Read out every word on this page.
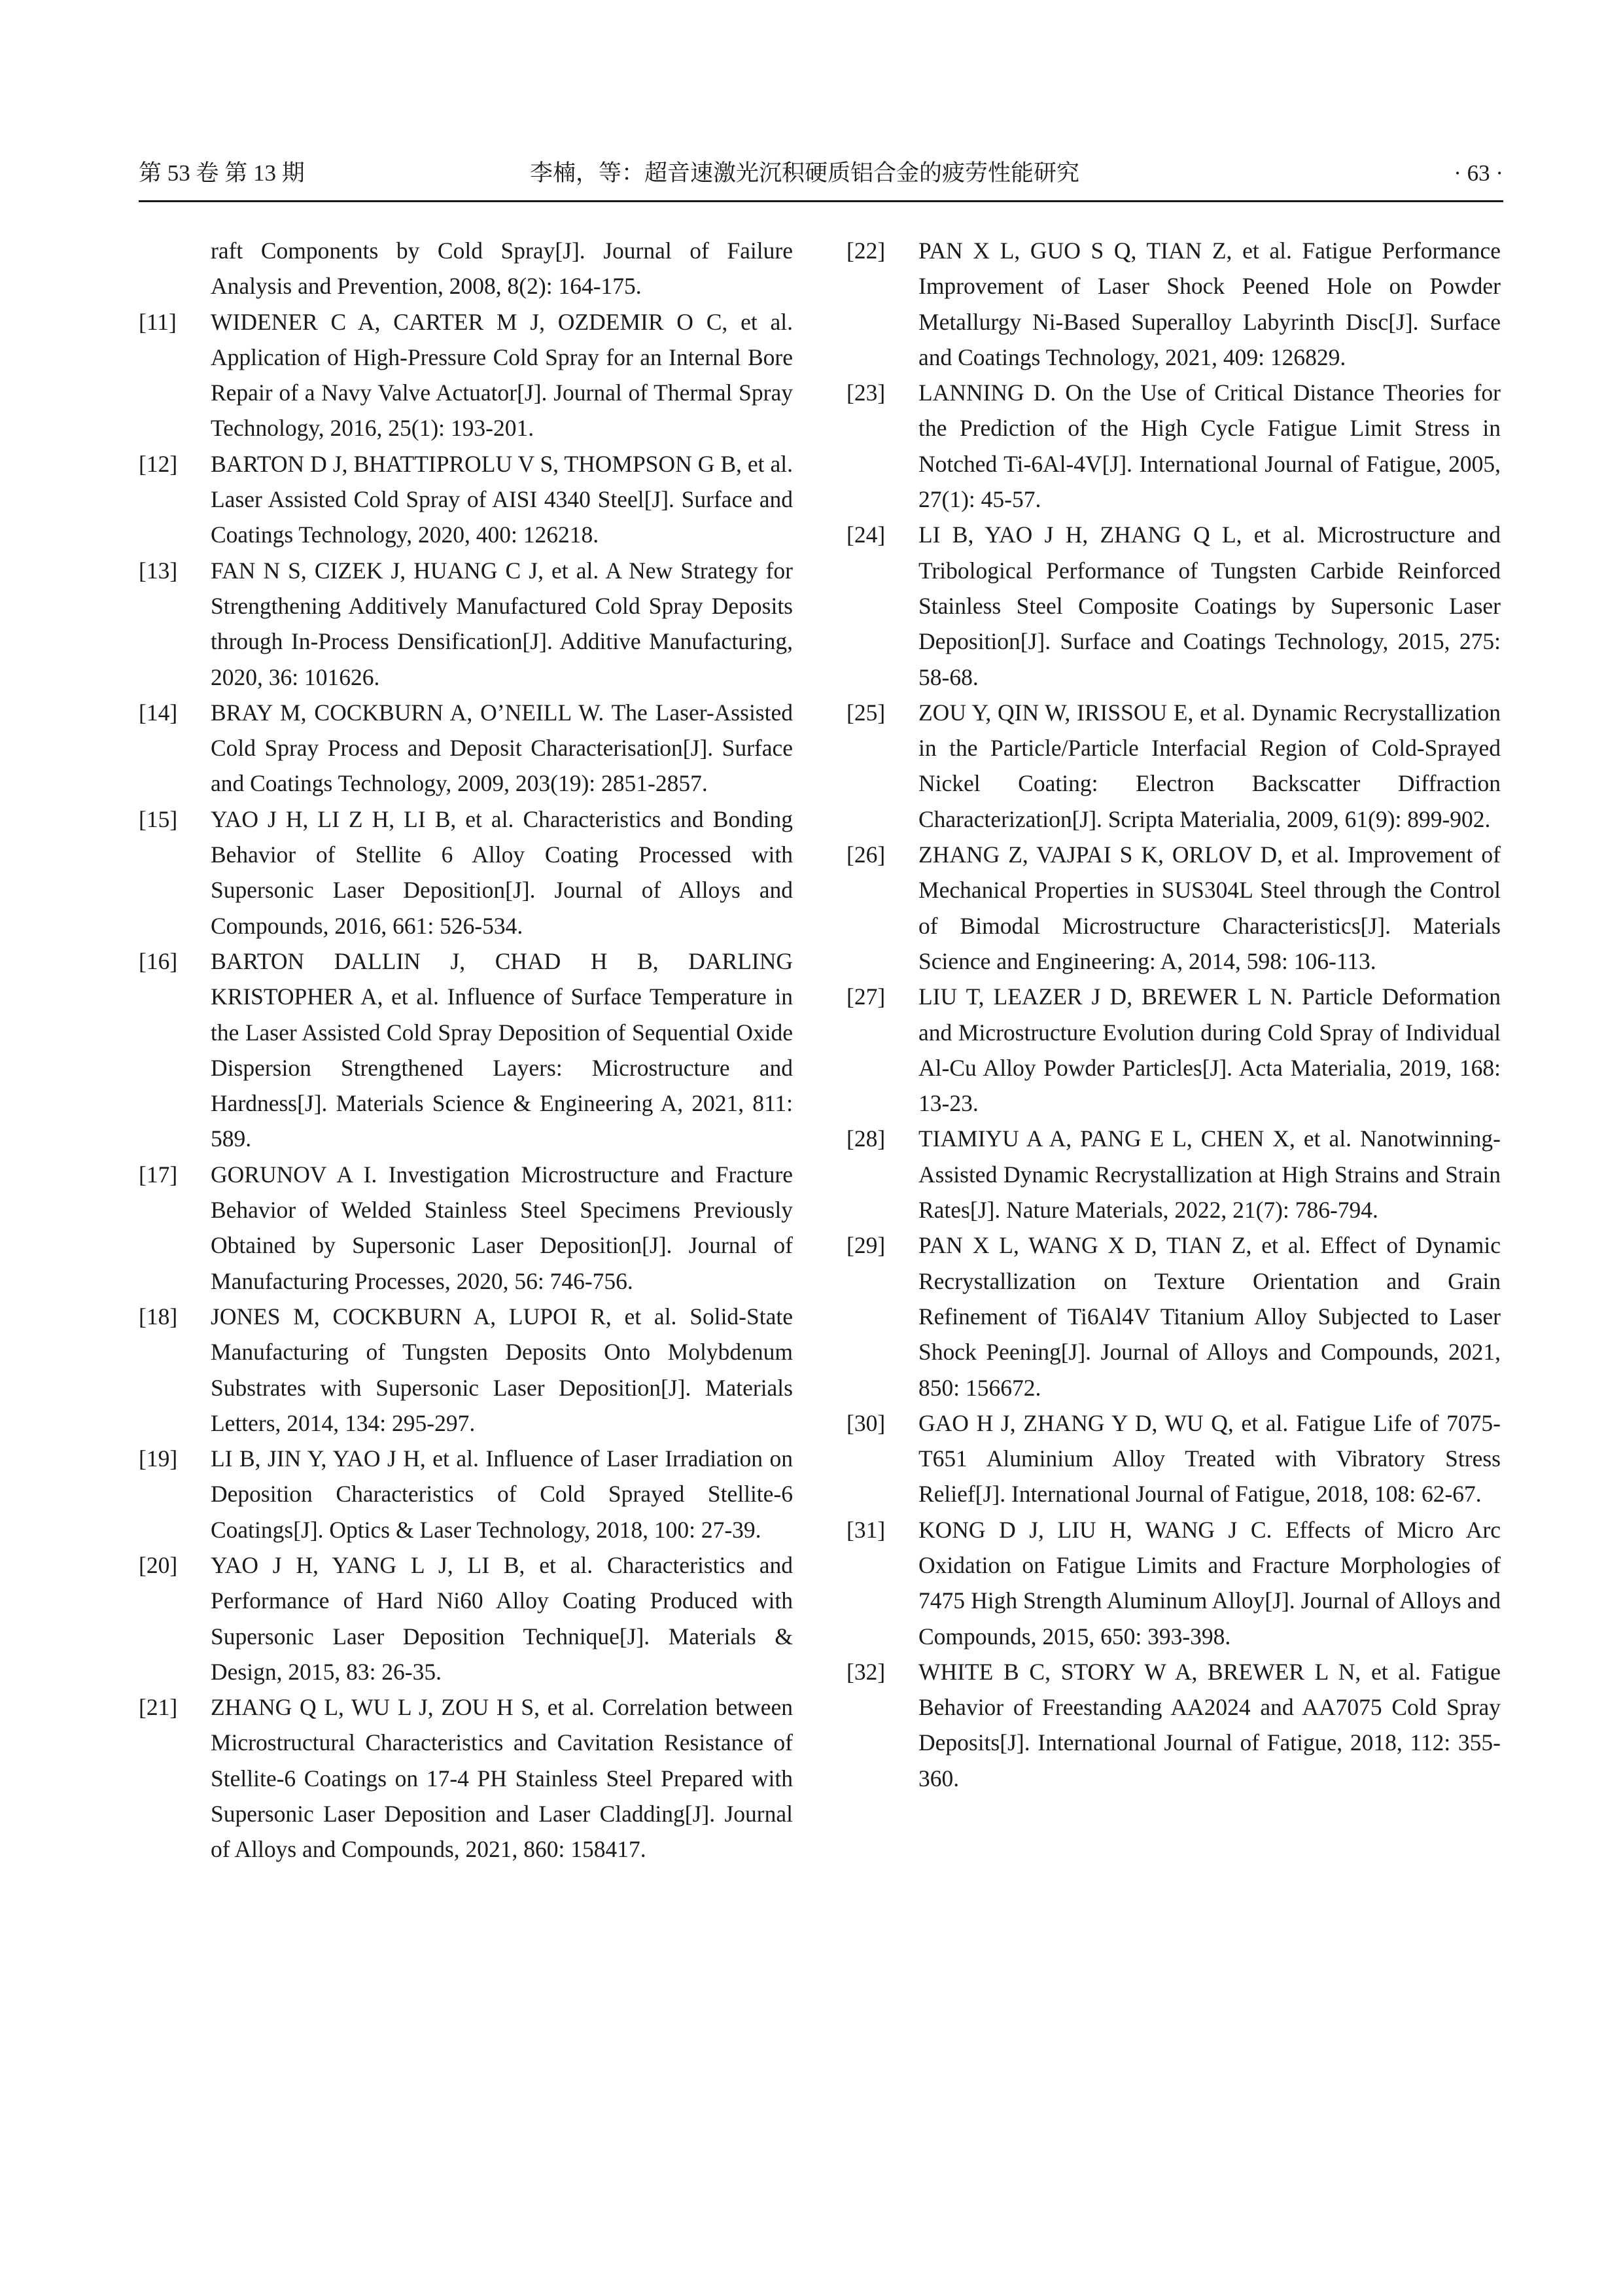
第 53 卷 第 13 期	李楠，等：超音速激光沉积硬质铝合金的疲劳性能研究	· 63 ·
raft Components by Cold Spray[J]. Journal of Failure Analysis and Prevention, 2008, 8(2): 164-175.
[11] WIDENER C A, CARTER M J, OZDEMIR O C, et al. Application of High-Pressure Cold Spray for an Internal Bore Repair of a Navy Valve Actuator[J]. Journal of Thermal Spray Technology, 2016, 25(1): 193-201.
[12] BARTON D J, BHATTIPROLU V S, THOMPSON G B, et al. Laser Assisted Cold Spray of AISI 4340 Steel[J]. Surface and Coatings Technology, 2020, 400: 126218.
[13] FAN N S, CIZEK J, HUANG C J, et al. A New Strategy for Strengthening Additively Manufactured Cold Spray Deposits through In-Process Densification[J]. Additive Manufacturing, 2020, 36: 101626.
[14] BRAY M, COCKBURN A, O’NEILL W. The Laser-Assisted Cold Spray Process and Deposit Characterisation[J]. Surface and Coatings Technology, 2009, 203(19): 2851-2857.
[15] YAO J H, LI Z H, LI B, et al. Characteristics and Bonding Behavior of Stellite 6 Alloy Coating Processed with Supersonic Laser Deposition[J]. Journal of Alloys and Compounds, 2016, 661: 526-534.
[16] BARTON DALLIN J, CHAD H B, DARLING KRISTOPHER A, et al. Influence of Surface Temperature in the Laser Assisted Cold Spray Deposition of Sequential Oxide Dispersion Strengthened Layers: Microstructure and Hardness[J]. Materials Science & Engineering A, 2021, 811: 589.
[17] GORUNOV A I. Investigation Microstructure and Fracture Behavior of Welded Stainless Steel Specimens Previously Obtained by Supersonic Laser Deposition[J]. Journal of Manufacturing Processes, 2020, 56: 746-756.
[18] JONES M, COCKBURN A, LUPOI R, et al. Solid-State Manufacturing of Tungsten Deposits Onto Molybdenum Substrates with Supersonic Laser Deposition[J]. Materials Letters, 2014, 134: 295-297.
[19] LI B, JIN Y, YAO J H, et al. Influence of Laser Irradiation on Deposition Characteristics of Cold Sprayed Stellite-6 Coatings[J]. Optics & Laser Technology, 2018, 100: 27-39.
[20] YAO J H, YANG L J, LI B, et al. Characteristics and Performance of Hard Ni60 Alloy Coating Produced with Supersonic Laser Deposition Technique[J]. Materials & Design, 2015, 83: 26-35.
[21] ZHANG Q L, WU L J, ZOU H S, et al. Correlation between Microstructural Characteristics and Cavitation Resistance of Stellite-6 Coatings on 17-4 PH Stainless Steel Prepared with Supersonic Laser Deposition and Laser Cladding[J]. Journal of Alloys and Compounds, 2021, 860: 158417.
[22] PAN X L, GUO S Q, TIAN Z, et al. Fatigue Performance Improvement of Laser Shock Peened Hole on Powder Metallurgy Ni-Based Superalloy Labyrinth Disc[J]. Surface and Coatings Technology, 2021, 409: 126829.
[23] LANNING D. On the Use of Critical Distance Theories for the Prediction of the High Cycle Fatigue Limit Stress in Notched Ti-6Al-4V[J]. International Journal of Fatigue, 2005, 27(1): 45-57.
[24] LI B, YAO J H, ZHANG Q L, et al. Microstructure and Tribological Performance of Tungsten Carbide Reinforced Stainless Steel Composite Coatings by Supersonic Laser Deposition[J]. Surface and Coatings Technology, 2015, 275: 58-68.
[25] ZOU Y, QIN W, IRISSOU E, et al. Dynamic Recrystallization in the Particle/Particle Interfacial Region of Cold-Sprayed Nickel Coating: Electron Backscatter Diffraction Characterization[J]. Scripta Materialia, 2009, 61(9): 899-902.
[26] ZHANG Z, VAJPAI S K, ORLOV D, et al. Improvement of Mechanical Properties in SUS304L Steel through the Control of Bimodal Microstructure Characteristics[J]. Materials Science and Engineering: A, 2014, 598: 106-113.
[27] LIU T, LEAZER J D, BREWER L N. Particle Deformation and Microstructure Evolution during Cold Spray of Individual Al-Cu Alloy Powder Particles[J]. Acta Materialia, 2019, 168: 13-23.
[28] TIAMIYU A A, PANG E L, CHEN X, et al. Nanotwinning-Assisted Dynamic Recrystallization at High Strains and Strain Rates[J]. Nature Materials, 2022, 21(7): 786-794.
[29] PAN X L, WANG X D, TIAN Z, et al. Effect of Dynamic Recrystallization on Texture Orientation and Grain Refinement of Ti6Al4V Titanium Alloy Subjected to Laser Shock Peening[J]. Journal of Alloys and Compounds, 2021, 850: 156672.
[30] GAO H J, ZHANG Y D, WU Q, et al. Fatigue Life of 7075-T651 Aluminium Alloy Treated with Vibratory Stress Relief[J]. International Journal of Fatigue, 2018, 108: 62-67.
[31] KONG D J, LIU H, WANG J C. Effects of Micro Arc Oxidation on Fatigue Limits and Fracture Morphologies of 7475 High Strength Aluminum Alloy[J]. Journal of Alloys and Compounds, 2015, 650: 393-398.
[32] WHITE B C, STORY W A, BREWER L N, et al. Fatigue Behavior of Freestanding AA2024 and AA7075 Cold Spray Deposits[J]. International Journal of Fatigue, 2018, 112: 355-360.
